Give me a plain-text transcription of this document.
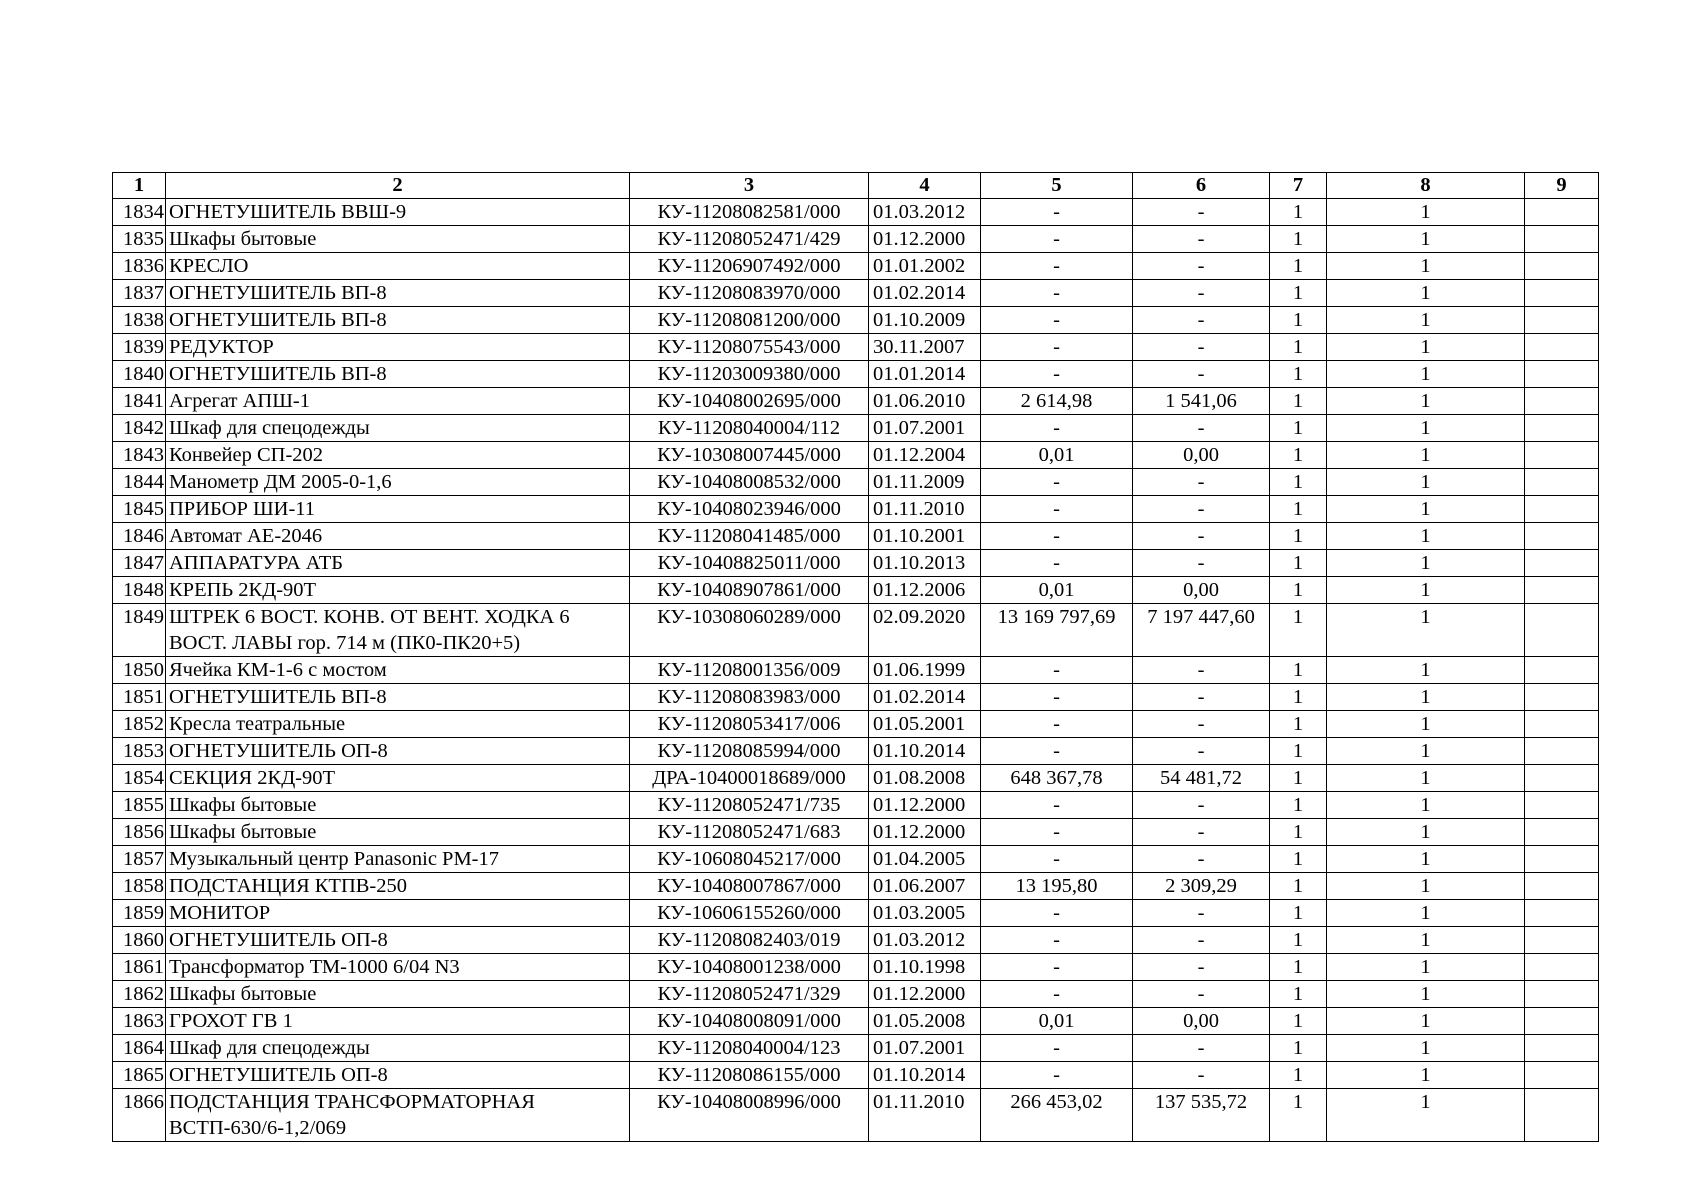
1	2	3	4	5	6	7	8	9
1834	ОГНЕТУШИТЕЛЬ ВВШ-9	КУ-11208082581/000	01.03.2012	-	-	1	1	
1835	Шкафы бытовые	КУ-11208052471/429	01.12.2000	-	-	1	1	
1836	КРЕСЛО	КУ-11206907492/000	01.01.2002	-	-	1	1	
1837	ОГНЕТУШИТЕЛЬ ВП-8	КУ-11208083970/000	01.02.2014	-	-	1	1	
1838	ОГНЕТУШИТЕЛЬ ВП-8	КУ-11208081200/000	01.10.2009	-	-	1	1	
1839	РЕДУКТОР	КУ-11208075543/000	30.11.2007	-	-	1	1	
1840	ОГНЕТУШИТЕЛЬ ВП-8	КУ-11203009380/000	01.01.2014	-	-	1	1	
1841	Агрегат АПШ-1	КУ-10408002695/000	01.06.2010	2 614,98	1 541,06	1	1	
1842	Шкаф для спецодежды	КУ-11208040004/112	01.07.2001	-	-	1	1	
1843	Конвейер СП-202	КУ-10308007445/000	01.12.2004	0,01	0,00	1	1	
1844	Манометр ДМ 2005-0-1,6	КУ-10408008532/000	01.11.2009	-	-	1	1	
1845	ПРИБОР ШИ-11	КУ-10408023946/000	01.11.2010	-	-	1	1	
1846	Автомат АЕ-2046	КУ-11208041485/000	01.10.2001	-	-	1	1	
1847	АППАРАТУРА АТБ	КУ-10408825011/000	01.10.2013	-	-	1	1	
1848	КРЕПЬ 2КД-90Т	КУ-10408907861/000	01.12.2006	0,01	0,00	1	1	
1849	ШТРЕК 6 ВОСТ. КОНВ. ОТ ВЕНТ. ХОДКА 6 ВОСТ. ЛАВЫ гор. 714 м (ПК0-ПК20+5)	КУ-10308060289/000	02.09.2020	13 169 797,69	7 197 447,60	1	1	
1850	Ячейка КМ-1-6 с мостом	КУ-11208001356/009	01.06.1999	-	-	1	1	
1851	ОГНЕТУШИТЕЛЬ ВП-8	КУ-11208083983/000	01.02.2014	-	-	1	1	
1852	Кресла театральные	КУ-11208053417/006	01.05.2001	-	-	1	1	
1853	ОГНЕТУШИТЕЛЬ ОП-8	КУ-11208085994/000	01.10.2014	-	-	1	1	
1854	СЕКЦИЯ 2КД-90Т	ДРА-10400018689/000	01.08.2008	648 367,78	54 481,72	1	1	
1855	Шкафы бытовые	КУ-11208052471/735	01.12.2000	-	-	1	1	
1856	Шкафы бытовые	КУ-11208052471/683	01.12.2000	-	-	1	1	
1857	Музыкальный центр Panasonic PM-17	КУ-10608045217/000	01.04.2005	-	-	1	1	
1858	ПОДСТАНЦИЯ КТПВ-250	КУ-10408007867/000	01.06.2007	13 195,80	2 309,29	1	1	
1859	МОНИТОР	КУ-10606155260/000	01.03.2005	-	-	1	1	
1860	ОГНЕТУШИТЕЛЬ ОП-8	КУ-11208082403/019	01.03.2012	-	-	1	1	
1861	Трансформатор ТМ-1000 6/04 N3	КУ-10408001238/000	01.10.1998	-	-	1	1	
1862	Шкафы бытовые	КУ-11208052471/329	01.12.2000	-	-	1	1	
1863	ГРОХОТ ГВ 1	КУ-10408008091/000	01.05.2008	0,01	0,00	1	1	
1864	Шкаф для спецодежды	КУ-11208040004/123	01.07.2001	-	-	1	1	
1865	ОГНЕТУШИТЕЛЬ ОП-8	КУ-11208086155/000	01.10.2014	-	-	1	1	
1866	ПОДСТАНЦИЯ ТРАНСФОРМАТОРНАЯ ВСТП-630/6-1,2/069	КУ-10408008996/000	01.11.2010	266 453,02	137 535,72	1	1	
